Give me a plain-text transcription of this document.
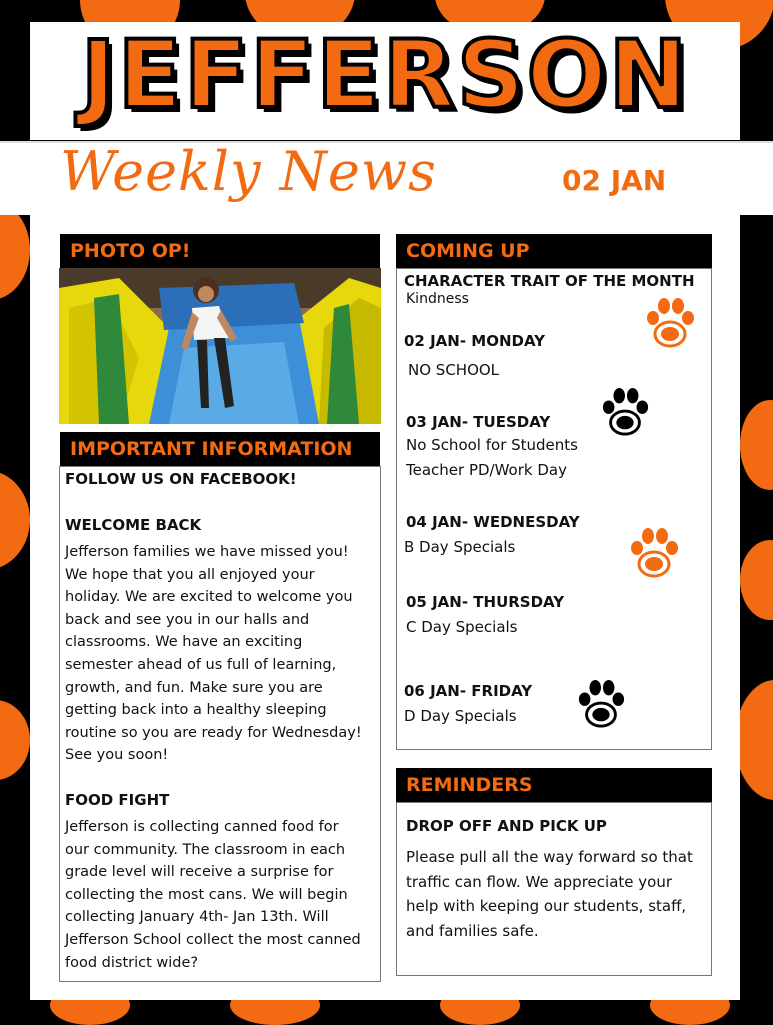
JEFFERSON
Weekly News	02 JAN
PHOTO OP!
IMPORTANT INFORMATION
FOLLOW US ON FACEBOOK!
WELCOME BACK
Jefferson families we have missed you!
We hope that you all enjoyed your
holiday. We are excited to welcome you
back and see you in our halls and
classrooms. We have an exciting
semester ahead of us full of learning,
growth, and fun. Make sure you are
getting back into a healthy sleeping
routine so you are ready for Wednesday!
See you soon!
FOOD FIGHT
Jefferson is collecting canned food for
our community. The classroom in each
grade level will receive a surprise for
collecting the most cans. We will begin
collecting January 4th- Jan 13th. Will
Jefferson School collect the most canned
food district wide?
COMING UP
CHARACTER TRAIT OF THE MONTH
Kindness
02 JAN- MONDAY
NO SCHOOL
03 JAN- TUESDAY
No School for Students
Teacher PD/Work Day
04 JAN- WEDNESDAY
B Day Specials
05 JAN- THURSDAY
C Day Specials
06 JAN- FRIDAY
D Day Specials
REMINDERS
DROP OFF AND PICK UP
Please pull all the way forward so that
traffic can flow. We appreciate your
help with keeping our students, staff,
and families safe.
